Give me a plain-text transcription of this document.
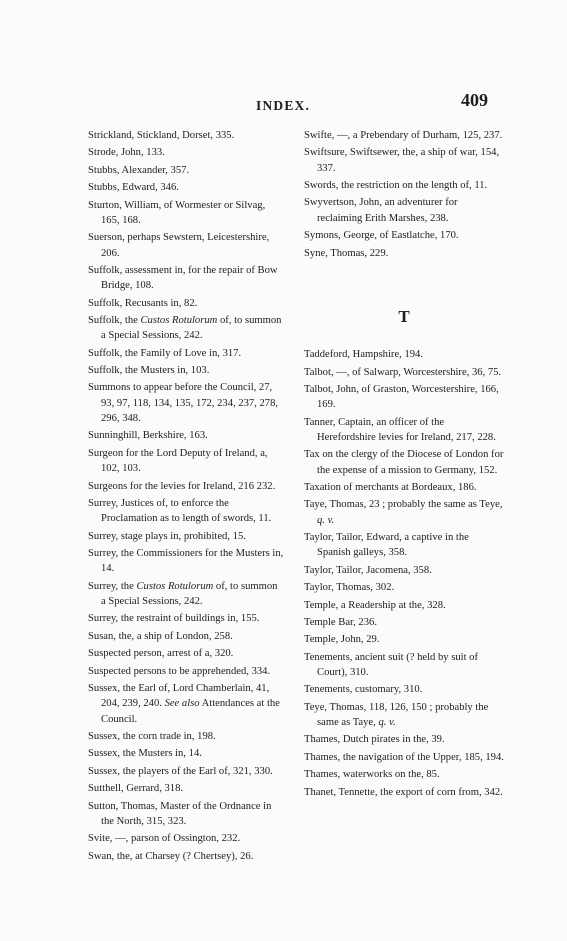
INDEX.	409
Strickland, Stickland, Dorset, 335.
Strode, John, 133.
Stubbs, Alexander, 357.
Stubbs, Edward, 346.
Sturton, William, of Wormester or Silvag, 165, 168.
Suerson, perhaps Sewstern, Leicestershire, 206.
Suffolk, assessment in, for the repair of Bow Bridge, 108.
Suffolk, Recusants in, 82.
Suffolk, the Custos Rotulorum of, to summon a Special Sessions, 242.
Suffolk, the Family of Love in, 317.
Suffolk, the Musters in, 103.
Summons to appear before the Council, 27, 93, 97, 118, 134, 135, 172, 234, 237, 278, 296, 348.
Sunninghill, Berkshire, 163.
Surgeon for the Lord Deputy of Ireland, a, 102, 103.
Surgeons for the levies for Ireland, 216 232.
Surrey, Justices of, to enforce the Proclamation as to length of swords, 11.
Surrey, stage plays in, prohibited, 15.
Surrey, the Commissioners for the Musters in, 14.
Surrey, the Custos Rotulorum of, to summon a Special Sessions, 242.
Surrey, the restraint of buildings in, 155.
Susan, the, a ship of London, 258.
Suspected person, arrest of a, 320.
Suspected persons to be apprehended, 334.
Sussex, the Earl of, Lord Chamberlain, 41, 204, 239, 240. See also Attendances at the Council.
Sussex, the corn trade in, 198.
Sussex, the Musters in, 14.
Sussex, the players of the Earl of, 321, 330.
Sutthell, Gerrard, 318.
Sutton, Thomas, Master of the Ordnance in the North, 315, 323.
Svite, —, parson of Ossington, 232.
Swan, the, at Charsey (? Chertsey), 26.
Swifte, —, a Prebendary of Durham, 125, 237.
Swiftsure, Swiftsewer, the, a ship of war, 154, 337.
Swords, the restriction on the length of, 11.
Swyvertson, John, an adventurer for reclaiming Erith Marshes, 238.
Symons, George, of Eastlatche, 170.
Syne, Thomas, 229.
T
Taddeford, Hampshire, 194.
Talbot, —, of Salwarp, Worcestershire, 36, 75.
Talbot, John, of Graston, Worcestershire, 166, 169.
Tanner, Captain, an officer of the Herefordshire levies for Ireland, 217, 228.
Tax on the clergy of the Diocese of London for the expense of a mission to Germany, 152.
Taxation of merchants at Bordeaux, 186.
Taye, Thomas, 23 ; probably the same as Teye, q. v.
Taylor, Tailor, Edward, a captive in the Spanish galleys, 358.
Taylor, Tailor, Jacomena, 358.
Taylor, Thomas, 302.
Temple, a Readership at the, 328.
Temple Bar, 236.
Temple, John, 29.
Tenements, ancient suit (? held by suit of Court), 310.
Tenements, customary, 310.
Teye, Thomas, 118, 126, 150 ; probably the same as Taye, q. v.
Thames, Dutch pirates in the, 39.
Thames, the navigation of the Upper, 185, 194.
Thames, waterworks on the, 85.
Thanet, Tennette, the export of corn from, 342.
